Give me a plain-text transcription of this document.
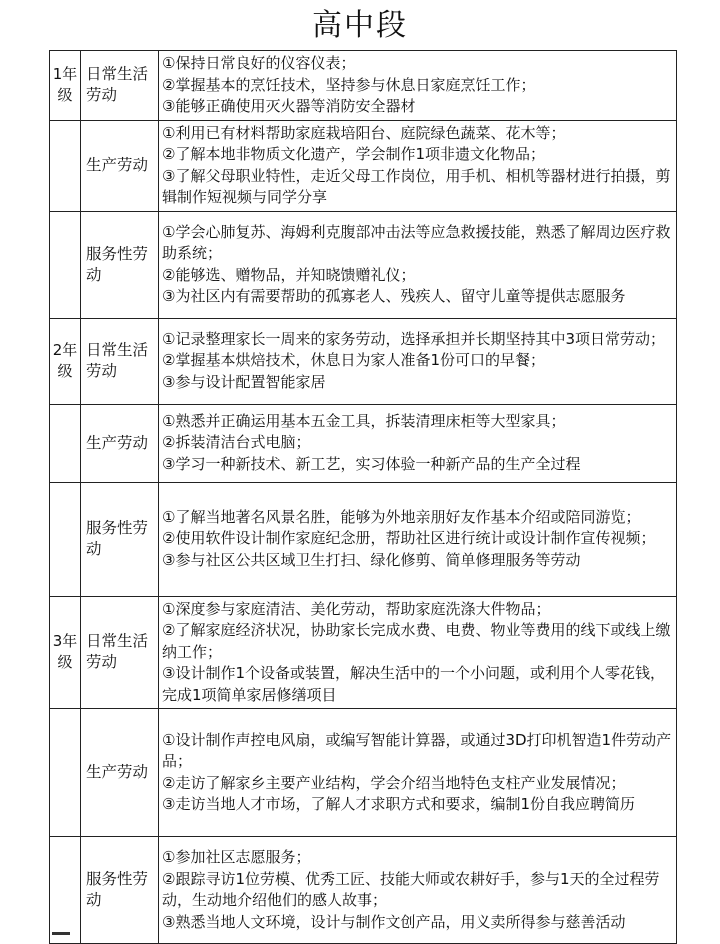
高中段
1年级	日常生活劳动	①保持日常良好的仪容仪表；
②掌握基本的烹饪技术，坚持参与休息日家庭烹饪工作；
③能够正确使用灭火器等消防安全器材

	生产劳动	①利用已有材料帮助家庭栽培阳台、庭院绿色蔬菜、花木等；
②了解本地非物质文化遗产，学会制作1项非遗文化物品；
③了解父母职业特性，走近父母工作岗位，用手机、相机等器材进行拍摄，剪辑制作短视频与同学分享

	服务性劳动	①学会心肺复苏、海姆利克腹部冲击法等应急救援技能，熟悉了解周边医疗救助系统；
②能够选、赠物品，并知晓馈赠礼仪；
③为社区内有需要帮助的孤寡老人、残疾人、留守儿童等提供志愿服务

2年级	日常生活劳动	①记录整理家长一周来的家务劳动，选择承担并长期坚持其中3项日常劳动；
②掌握基本烘焙技术，休息日为家人准备1份可口的早餐；
③参与设计配置智能家居

	生产劳动	①熟悉并正确运用基本五金工具，拆装清理床柜等大型家具；
②拆装清洁台式电脑；
③学习一种新技术、新工艺，实习体验一种新产品的生产全过程

	服务性劳动	①了解当地著名风景名胜，能够为外地亲朋好友作基本介绍或陪同游览；
②使用软件设计制作家庭纪念册，帮助社区进行统计或设计制作宣传视频；
③参与社区公共区域卫生打扫、绿化修剪、简单修理服务等劳动

3年级	日常生活劳动	①深度参与家庭清洁、美化劳动，帮助家庭洗涤大件物品；
②了解家庭经济状况，协助家长完成水费、电费、物业等费用的线下或线上缴纳工作；
③设计制作1个设备或装置，解决生活中的一个小问题，或利用个人零花钱，完成1项简单家居修缮项目

	生产劳动	①设计制作声控电风扇，或编写智能计算器，或通过3D打印机智造1件劳动产品；
②走访了解家乡主要产业结构，学会介绍当地特色支柱产业发展情况；
③走访当地人才市场，了解人才求职方式和要求，编制1份自我应聘简历

	服务性劳动	①参加社区志愿服务；
②跟踪寻访1位劳模、优秀工匠、技能大师或农耕好手，参与1天的全过程劳动，生动地介绍他们的感人故事；
③熟悉当地人文环境，设计与制作文创产品，用义卖所得参与慈善活动
